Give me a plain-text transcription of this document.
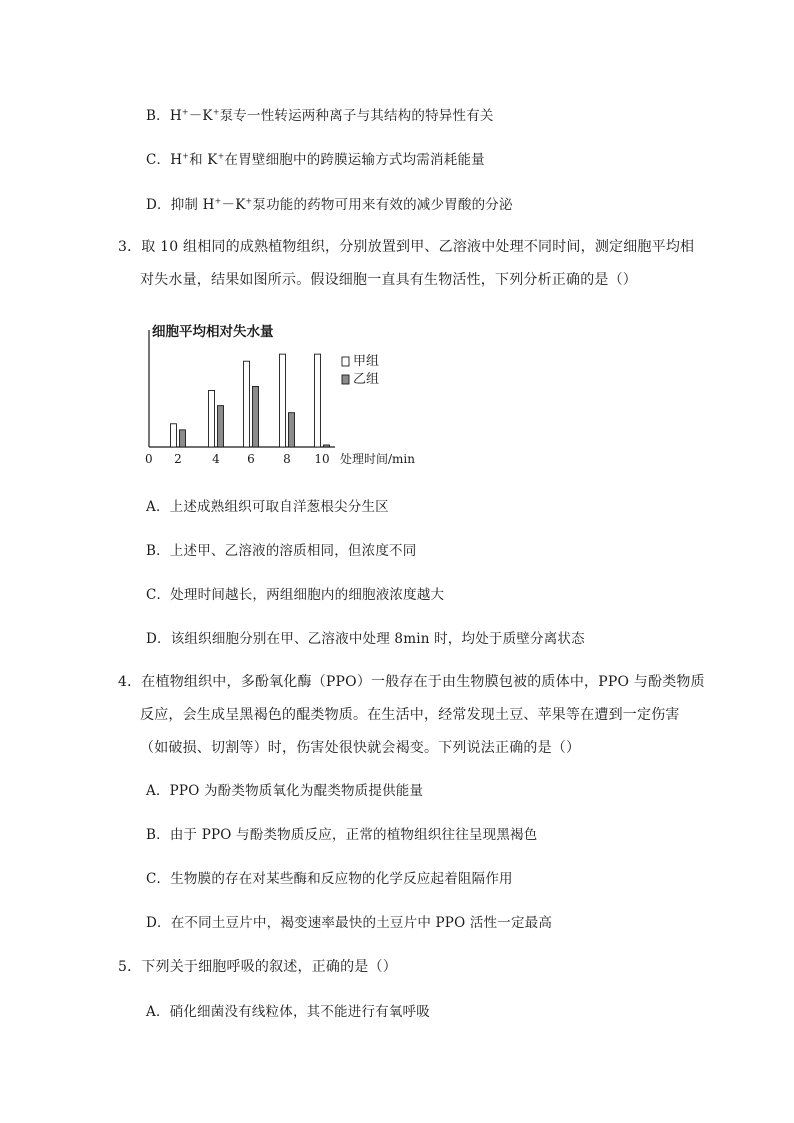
B．H+－K+泵专一性转运两种离子与其结构的特异性有关
C．H+和 K+在胃壁细胞中的跨膜运输方式均需消耗能量
D．抑制 H+－K+泵功能的药物可用来有效的减少胃酸的分泌
3．取 10 组相同的成熟植物组织，分别放置到甲、乙溶液中处理不同时间，测定细胞平均相
对失水量，结果如图所示。假设细胞一直具有生物活性，下列分析正确的是（）
细胞平均相对失水量
处理时间/min
0 2	4 6 8 10
甲组
乙组
A．上述成熟组织可取自洋葱根尖分生区
B．上述甲、乙溶液的溶质相同，但浓度不同
C．处理时间越长，两组细胞内的细胞液浓度越大
D．该组织细胞分别在甲、乙溶液中处理 8min 时，均处于质壁分离状态
4．在植物组织中，多酚氧化酶（PPO）一般存在于由生物膜包被的质体中，PPO 与酚类物质
反应，会生成呈黑褐色的醌类物质。在生活中，经常发现土豆、苹果等在遭到一定伤害
（如破损、切割等）时，伤害处很快就会褐变。下列说法正确的是（）
A．PPO 为酚类物质氧化为醌类物质提供能量
B．由于 PPO 与酚类物质反应，正常的植物组织往往呈现黑褐色
C．生物膜的存在对某些酶和反应物的化学反应起着阻隔作用
D．在不同土豆片中，褐变速率最快的土豆片中 PPO 活性一定最高
5．下列关于细胞呼吸的叙述，正确的是（）
A．硝化细菌没有线粒体，其不能进行有氧呼吸
